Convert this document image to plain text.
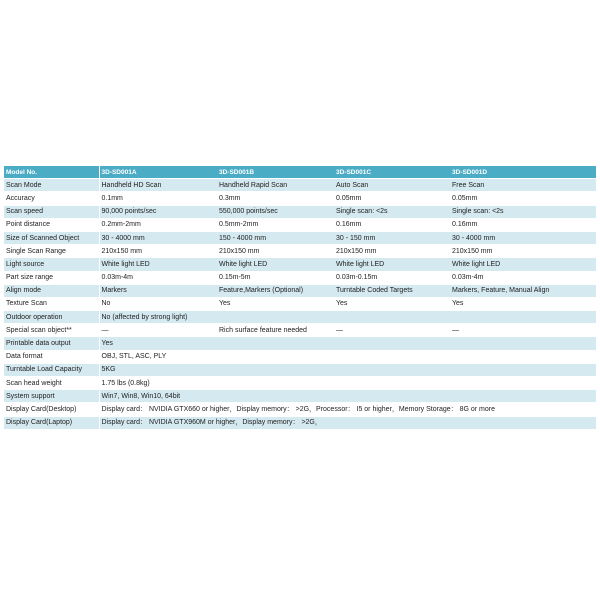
Model No.	3D-SD001A	3D-SD001B	3D-SD001C	3D-SD001D
Scan Mode	Handheld HD Scan	Handheld Rapid Scan	Auto Scan	Free Scan
Accuracy	0.1mm	0.3mm	0.05mm	0.05mm
Scan speed	90,000 points/sec	550,000 points/sec	Single scan: <2s	Single scan: <2s
Point distance	0.2mm-2mm	0.5mm-2mm	0.16mm	0.16mm
Size of Scanned Object	30 - 4000 mm	150 - 4000 mm	30 - 150 mm	30 - 4000 mm
Single Scan Range	210x150 mm	210x150 mm	210x150 mm	210x150 mm
Light source	White light LED	White light LED	White light LED	White light LED
Part size range	0.03m-4m	0.15m-5m	0.03m-0.15m	0.03m-4m
Align mode	Markers	Feature,Markers (Optional)	Turntable Coded Targets	Markers, Feature, Manual Align
Texture Scan	No	Yes	Yes	Yes
Outdoor operation	No (affected by strong light)			
Special scan object**	—	Rich surface feature needed	—	—
Printable data output	Yes			
Data format	OBJ, STL, ASC, PLY			
Turntable Load Capacity	5KG			
Scan head weight	1.75 lbs (0.8kg)			
System support	Win7, Win8, Win10, 64bit			
Display Card(Desktop)	Display card： NVIDIA GTX660 or higher，Display memory： >2G，Processor： I5 or higher，Memory Storage： 8G or more			
Display Card(Laptop)	Display card： NVIDIA GTX960M or higher，Display memory： >2G，			
